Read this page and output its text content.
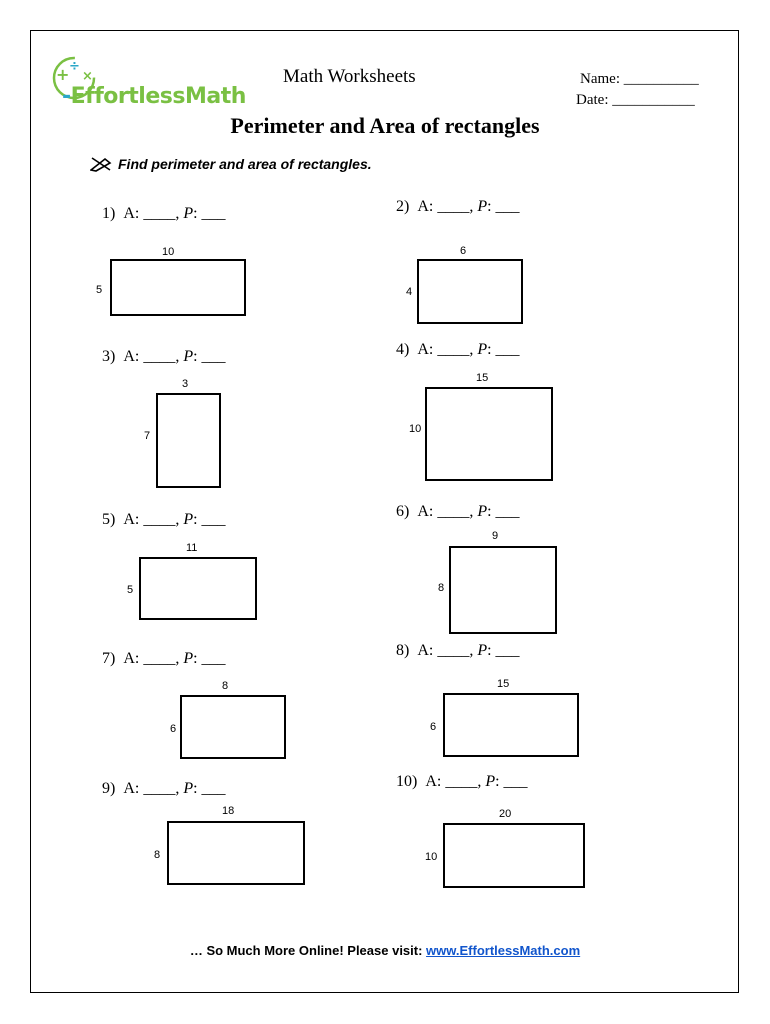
+ ÷
×
-EffortlessMath
Math Worksheets	Name: __________
Date: ___________
Perimeter and Area of rectangles
Find perimeter and area of rectangles.
1) A: ____, P: ___
10
5
2) A: ____, P: ___
6
4
3) A: ____, P: ___
3
7
4) A: ____, P: ___
15
10
5) A: ____, P: ___
11
5
6) A: ____, P: ___
9
8
7) A: ____, P: ___
8
6
8) A: ____, P: ___
15
6
9) A: ____, P: ___
18
8
10) A: ____, P: ___
20
10
… So Much More Online! Please visit: www.EffortlessMath.com
